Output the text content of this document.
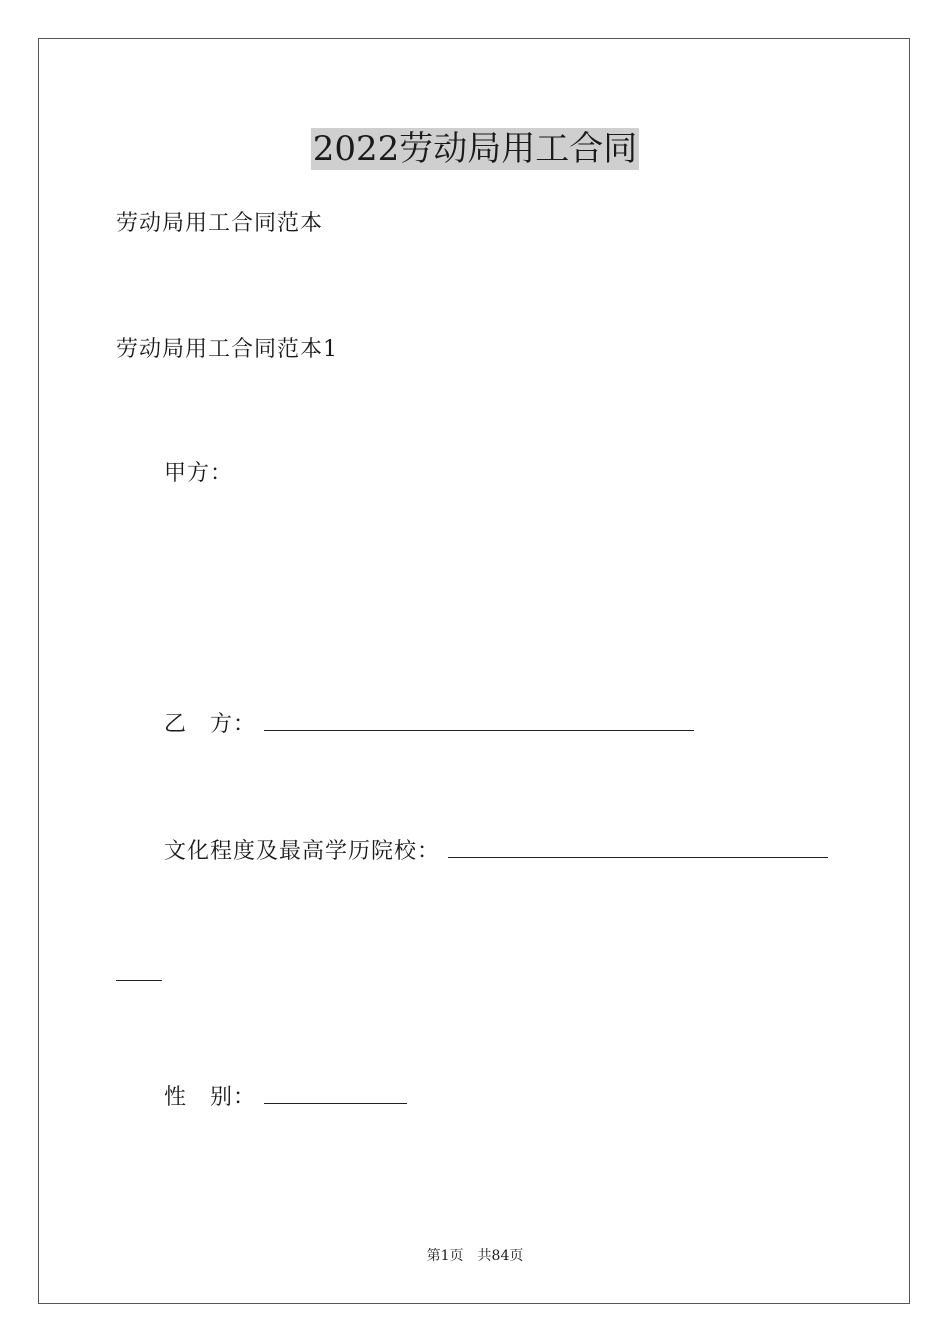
2022劳动局用工合同

劳动局用工合同范本

劳动局用工合同范本1

甲方：

乙　方：
文化程度及最高学历院校：
性　别：
第1页　共84页
